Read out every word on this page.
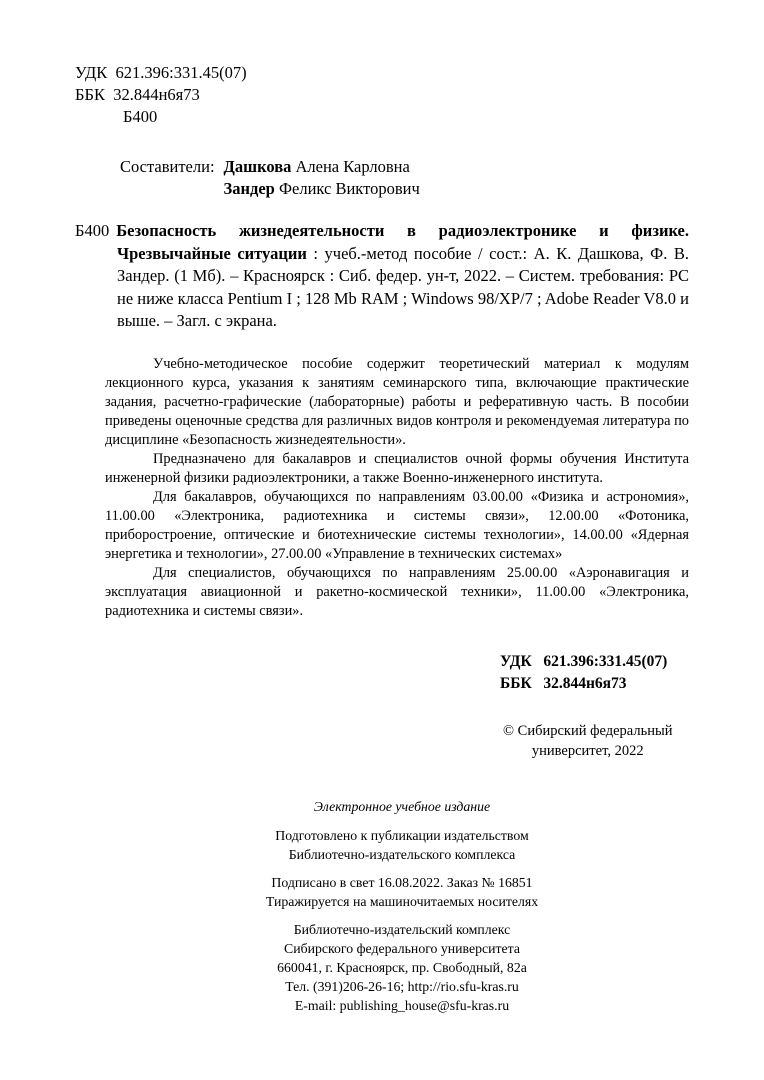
УДК  621.396:331.45(07)
ББК  32.844н6я73
Б400
Составители: Дашкова Алена Карловна
Зандер Феликс Викторович

Б400 Безопасность жизнедеятельности в радиоэлектронике и физике. Чрезвычайные ситуации : учеб.-метод пособие / сост.: А. К. Дашкова, Ф. В. Зандер. (1 Мб). – Красноярск : Сиб. федер. ун-т, 2022. – Систем. требования: PC не ниже класса Pentium I ; 128 Mb RAM ; Windows 98/XP/7 ; Adobe Reader V8.0 и выше. – Загл. с экрана.

Учебно-методическое пособие содержит теоретический материал к модулям лекционного курса, указания к занятиям семинарского типа, включающие практические задания, расчетно-графические (лабораторные) работы и реферативную часть. В пособии приведены оценочные средства для различных видов контроля и рекомендуемая литература по дисциплине «Безопасность жизнедеятельности».

Предназначено для бакалавров и специалистов очной формы обучения Института инженерной физики радиоэлектроники, а также Военно-инженерного института.

Для бакалавров, обучающихся по направлениям 03.00.00 «Физика и астрономия», 11.00.00 «Электроника, радиотехника и системы связи», 12.00.00 «Фотоника, приборостроение, оптические и биотехнические системы технологии», 14.00.00 «Ядерная энергетика и технологии», 27.00.00 «Управление в технических системах»

Для специалистов, обучающихся по направлениям 25.00.00 «Аэронавигация и эксплуатация авиационной и ракетно-космической техники», 11.00.00 «Электроника, радиотехника и системы связи».

УДК   621.396:331.45(07)
ББК   32.844н6я73
© Сибирский федеральный
университет, 2022
Электронное учебное издание
Подготовлено к публикации издательством
Библиотечно-издательского комплекса
Подписано в свет 16.08.2022. Заказ № 16851
Тиражируется на машиночитаемых носителях
Библиотечно-издательский комплекс
Сибирского федерального университета
660041, г. Красноярск, пр. Свободный, 82а
Тел. (391)206-26-16; http://rio.sfu-kras.ru
E-mail: publishing_house@sfu-kras.ru
